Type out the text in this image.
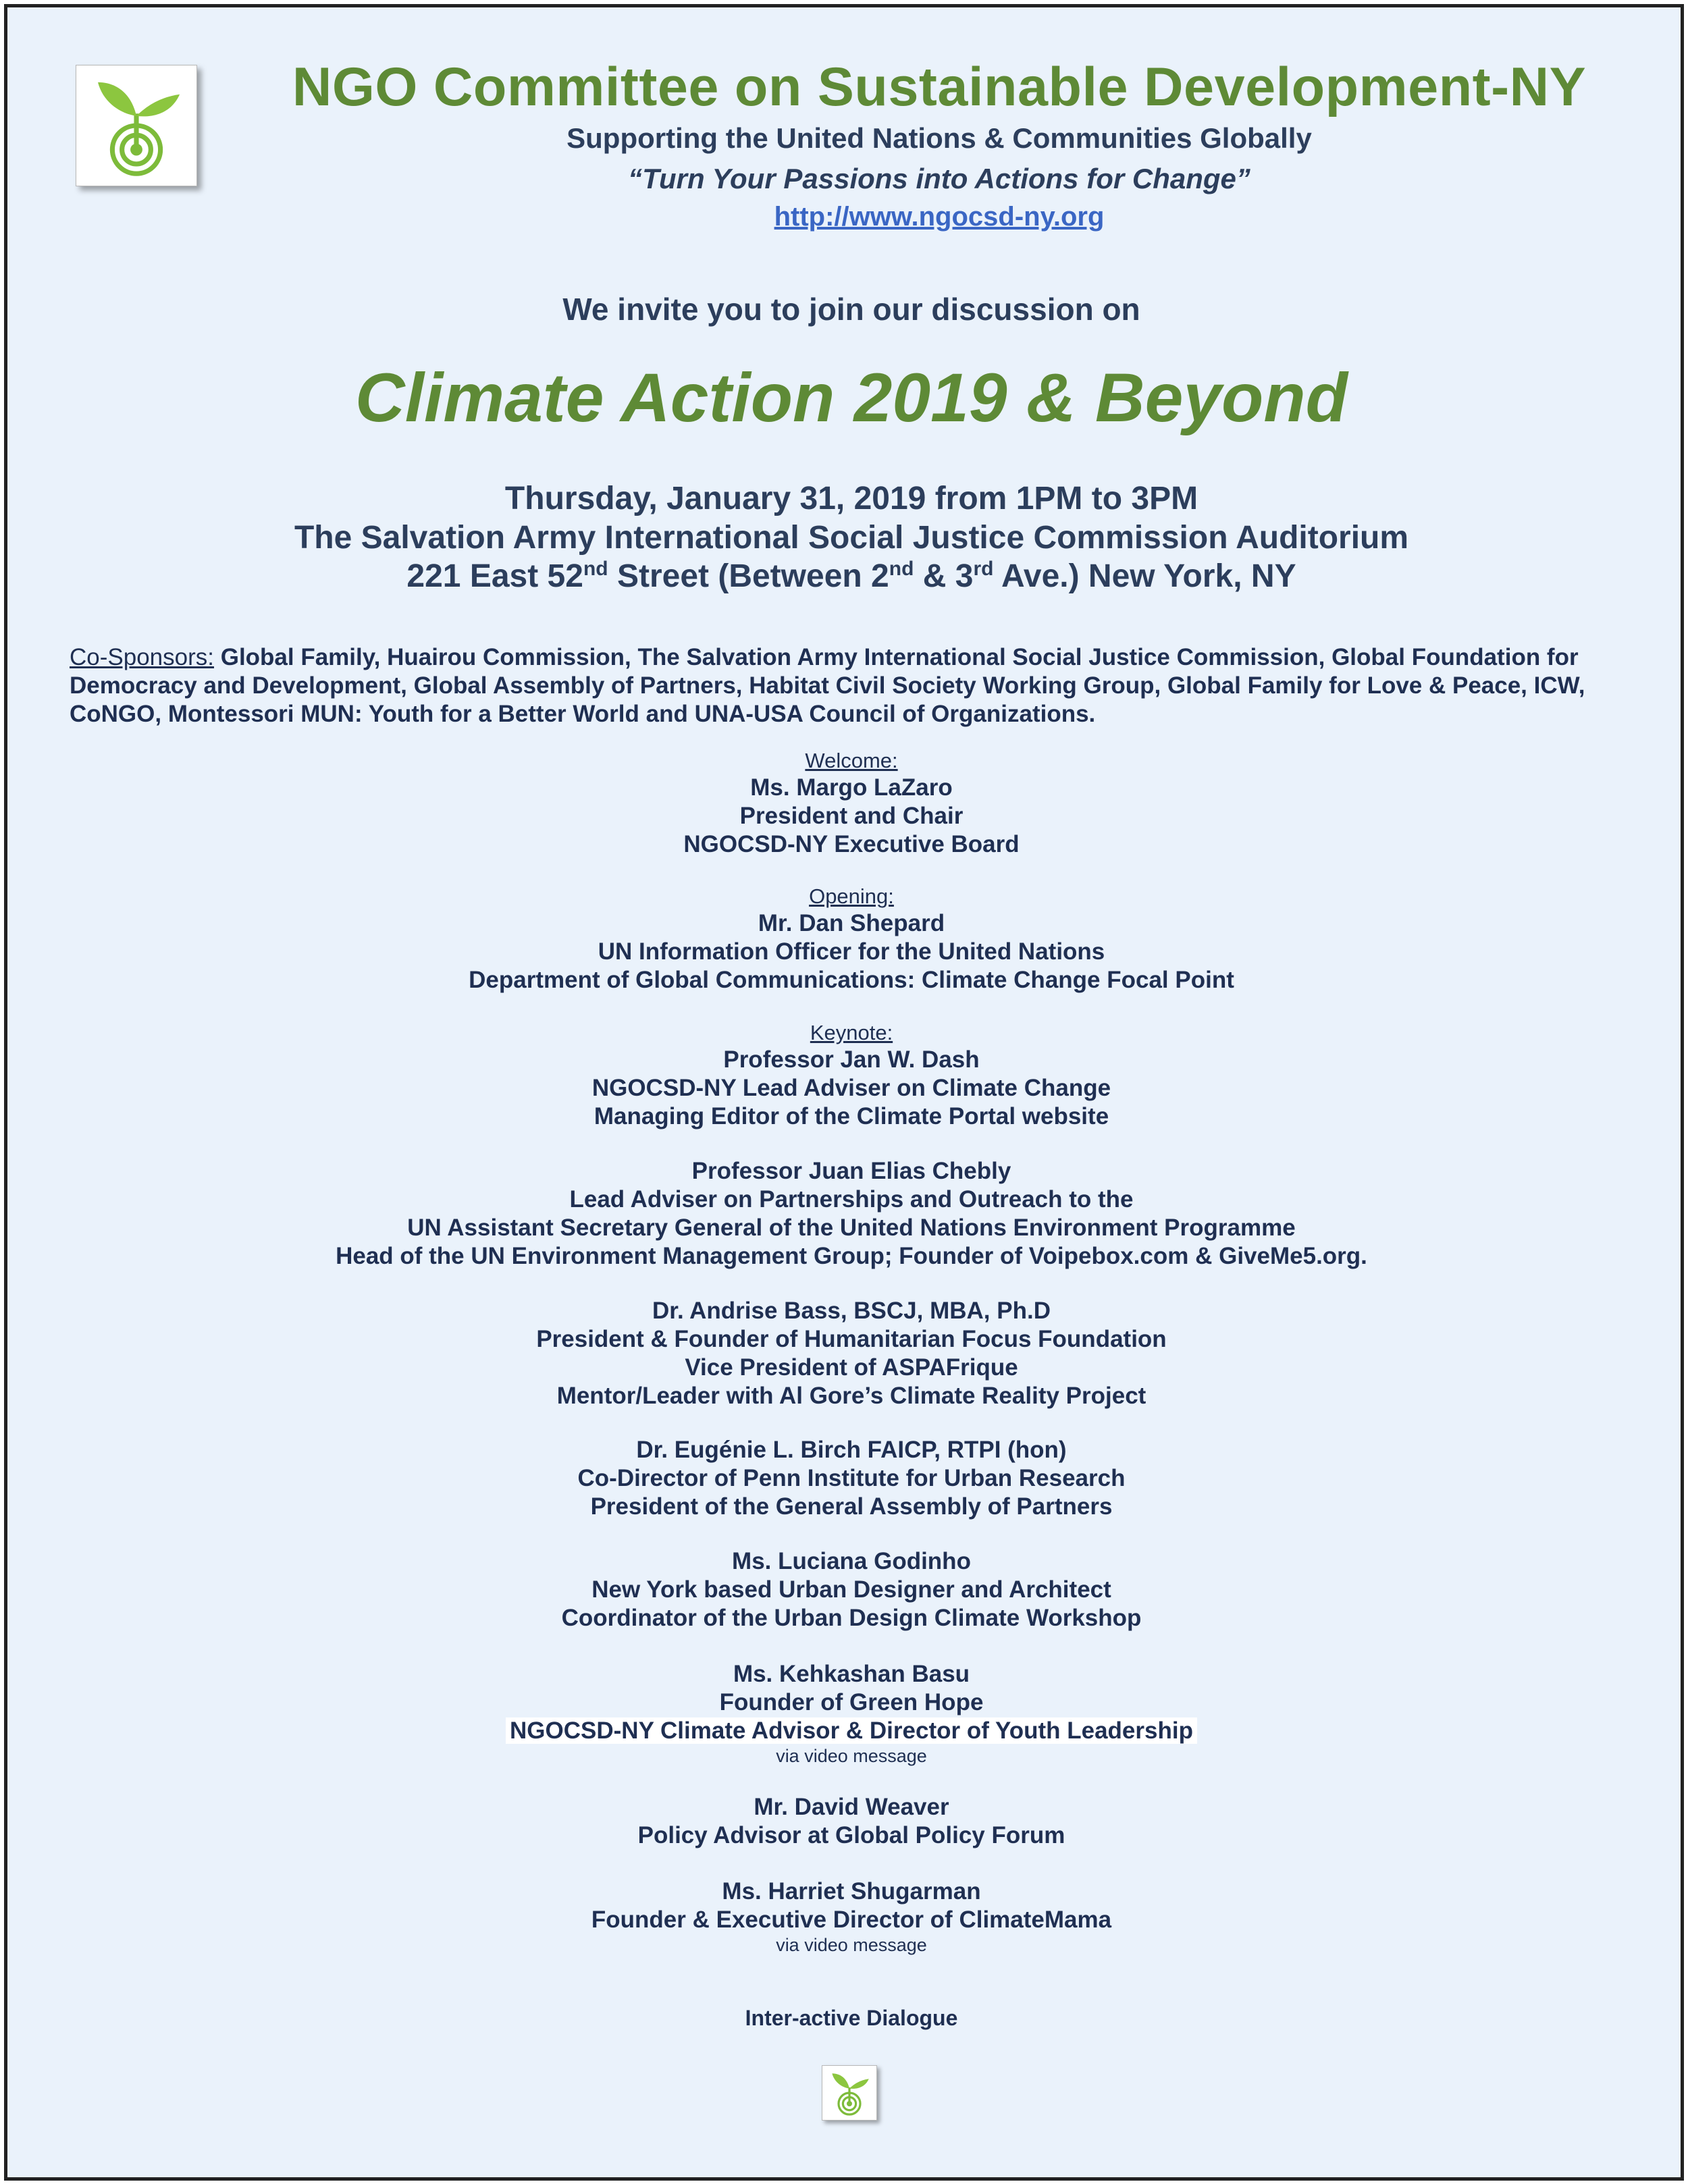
NGO Committee on Sustainable Development-NY
Supporting the United Nations & Communities Globally
“Turn Your Passions into Actions for Change”
http://www.ngocsd-ny.org
We invite you to join our discussion on
Climate Action 2019 & Beyond
Thursday, January 31, 2019 from 1PM to 3PM
The Salvation Army International Social Justice Commission Auditorium
221 East 52nd Street (Between 2nd & 3rd Ave.) New York, NY
Co-Sponsors: Global Family, Huairou Commission, The Salvation Army International Social Justice Commission, Global Foundation for Democracy and Development, Global Assembly of Partners, Habitat Civil Society Working Group, Global Family for Love & Peace, ICW, CoNGO, Montessori MUN: Youth for a Better World and UNA-USA Council of Organizations.
Welcome:
Ms. Margo LaZaro
President and Chair
NGOCSD-NY Executive Board
Opening:
Mr. Dan Shepard
UN Information Officer for the United Nations
Department of Global Communications: Climate Change Focal Point
Keynote:
Professor Jan W. Dash
NGOCSD-NY Lead Adviser on Climate Change
Managing Editor of the Climate Portal website
Professor Juan Elias Chebly
Lead Adviser on Partnerships and Outreach to the
UN Assistant Secretary General of the United Nations Environment Programme
Head of the UN Environment Management Group; Founder of Voipebox.com & GiveMe5.org.
Dr. Andrise Bass, BSCJ, MBA, Ph.D
President & Founder of Humanitarian Focus Foundation
Vice President of ASPAFrique
Mentor/Leader with Al Gore’s Climate Reality Project
Dr. Eugénie L. Birch FAICP, RTPI (hon)
Co-Director of Penn Institute for Urban Research
President of the General Assembly of Partners
Ms. Luciana Godinho
New York based Urban Designer and Architect
Coordinator of the Urban Design Climate Workshop
Ms. Kehkashan Basu
Founder of Green Hope
NGOCSD-NY Climate Advisor & Director of Youth Leadership
via video message
Mr. David Weaver
Policy Advisor at Global Policy Forum
Ms. Harriet Shugarman
Founder & Executive Director of ClimateMama
via video message
Inter-active Dialogue
